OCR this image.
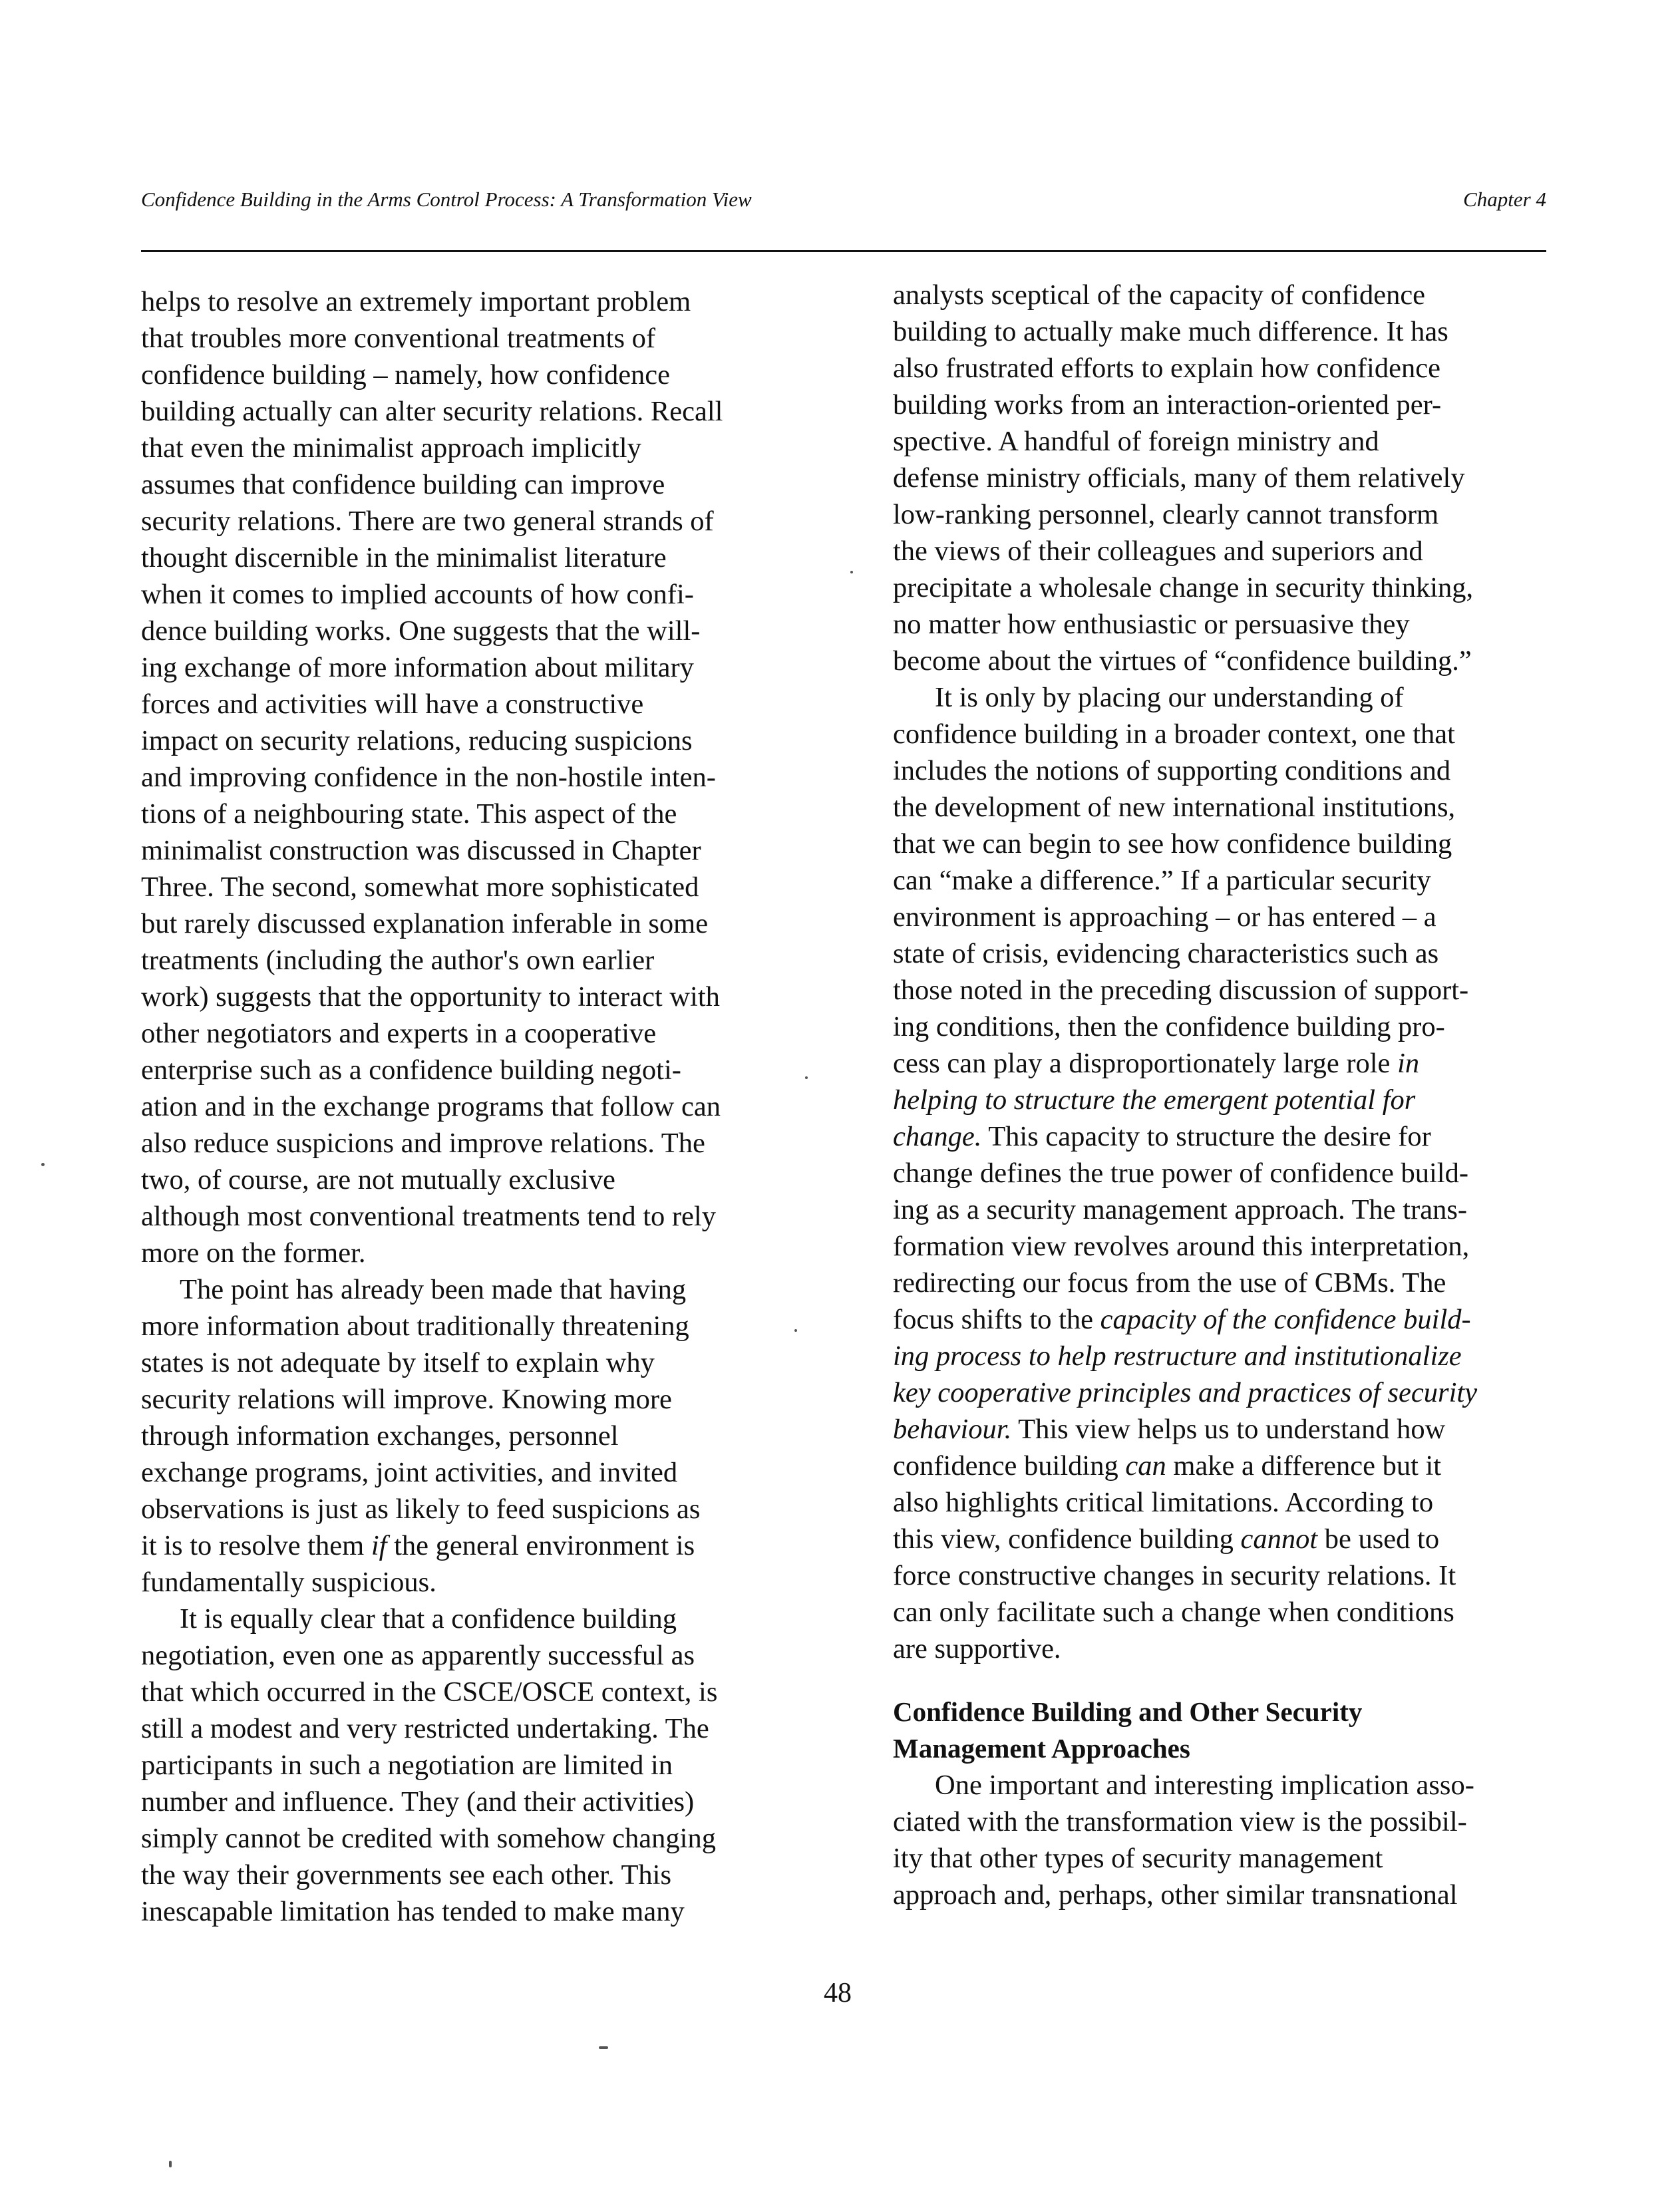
Confidence Building in the Arms Control Process: A Transformation View	Chapter 4
helps to resolve an extremely important problem
that troubles more conventional treatments of
confidence building – namely, how confidence
building actually can alter security relations. Recall
that even the minimalist approach implicitly
assumes that confidence building can improve
security relations. There are two general strands of
thought discernible in the minimalist literature
when it comes to implied accounts of how confi-
dence building works. One suggests that the will-
ing exchange of more information about military
forces and activities will have a constructive
impact on security relations, reducing suspicions
and improving confidence in the non-hostile inten-
tions of a neighbouring state. This aspect of the
minimalist construction was discussed in Chapter
Three. The second, somewhat more sophisticated
but rarely discussed explanation inferable in some
treatments (including the author's own earlier
work) suggests that the opportunity to interact with
other negotiators and experts in a cooperative
enterprise such as a confidence building negoti-
ation and in the exchange programs that follow can
also reduce suspicions and improve relations. The
two, of course, are not mutually exclusive
although most conventional treatments tend to rely
more on the former.
The point has already been made that having
more information about traditionally threatening
states is not adequate by itself to explain why
security relations will improve. Knowing more
through information exchanges, personnel
exchange programs, joint activities, and invited
observations is just as likely to feed suspicions as
it is to resolve them if the general environment is
fundamentally suspicious.
It is equally clear that a confidence building
negotiation, even one as apparently successful as
that which occurred in the CSCE/OSCE context, is
still a modest and very restricted undertaking. The
participants in such a negotiation are limited in
number and influence. They (and their activities)
simply cannot be credited with somehow changing
the way their governments see each other. This
inescapable limitation has tended to make many
analysts sceptical of the capacity of confidence
building to actually make much difference. It has
also frustrated efforts to explain how confidence
building works from an interaction-oriented per-
spective. A handful of foreign ministry and
defense ministry officials, many of them relatively
low-ranking personnel, clearly cannot transform
the views of their colleagues and superiors and
precipitate a wholesale change in security thinking,
no matter how enthusiastic or persuasive they
become about the virtues of “confidence building.”
It is only by placing our understanding of
confidence building in a broader context, one that
includes the notions of supporting conditions and
the development of new international institutions,
that we can begin to see how confidence building
can “make a difference.” If a particular security
environment is approaching – or has entered – a
state of crisis, evidencing characteristics such as
those noted in the preceding discussion of support-
ing conditions, then the confidence building pro-
cess can play a disproportionately large role in
helping to structure the emergent potential for
change. This capacity to structure the desire for
change defines the true power of confidence build-
ing as a security management approach. The trans-
formation view revolves around this interpretation,
redirecting our focus from the use of CBMs. The
focus shifts to the capacity of the confidence build-
ing process to help restructure and institutionalize
key cooperative principles and practices of security
behaviour. This view helps us to understand how
confidence building can make a difference but it
also highlights critical limitations. According to
this view, confidence building cannot be used to
force constructive changes in security relations. It
can only facilitate such a change when conditions
are supportive.
Confidence Building and Other Security
Management Approaches
One important and interesting implication asso-
ciated with the transformation view is the possibil-
ity that other types of security management
approach and, perhaps, other similar transnational
48
